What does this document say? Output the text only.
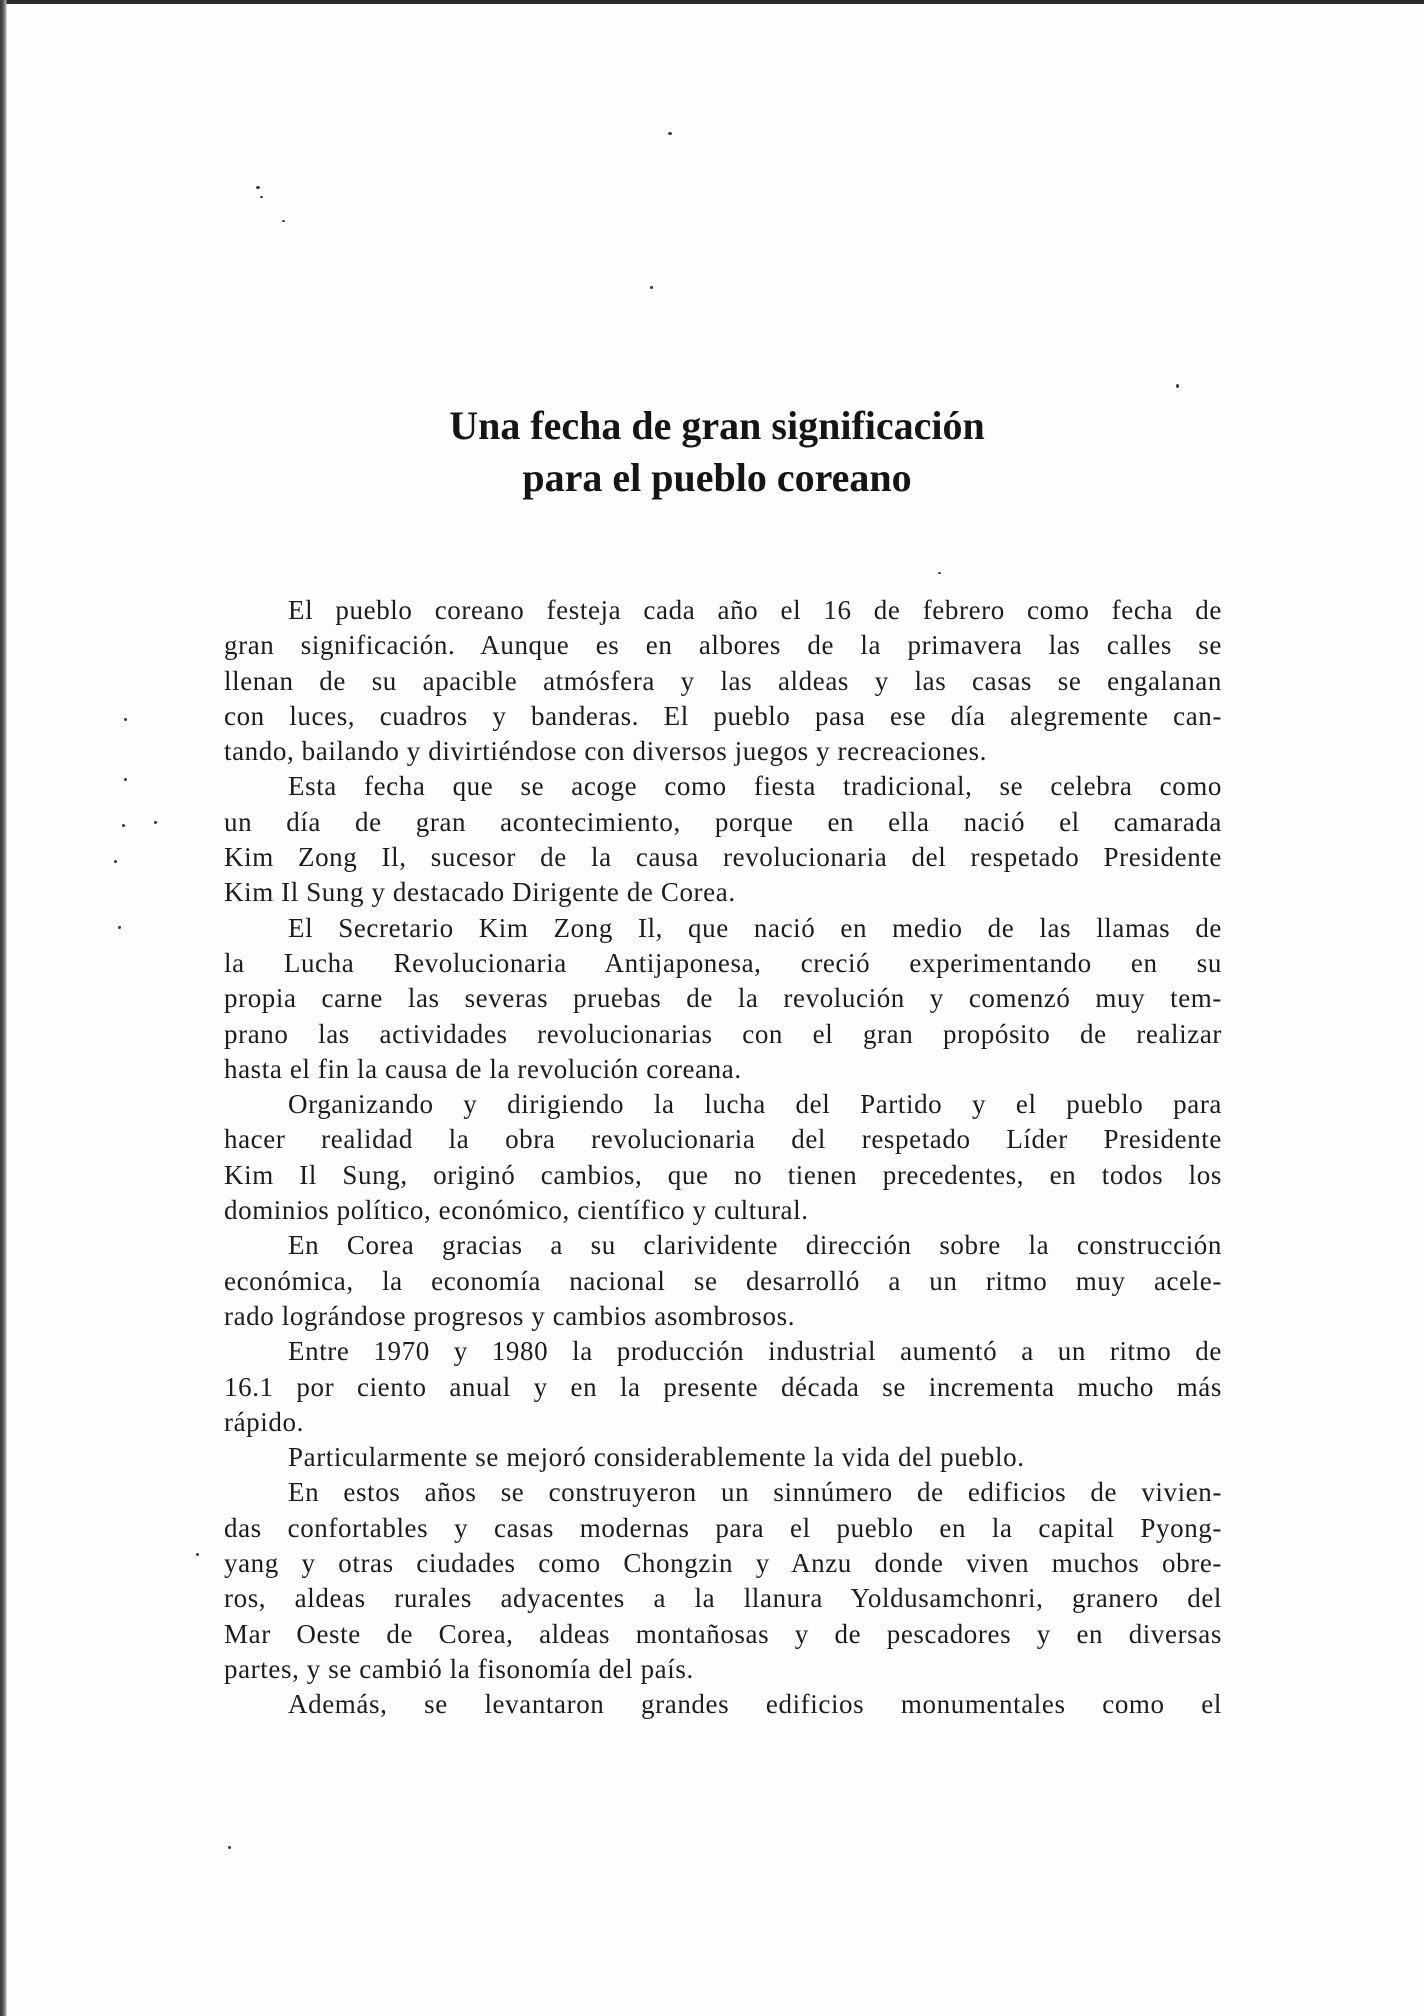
Una fecha de gran significación
para el pueblo coreano
El pueblo coreano festeja cada año el 16 de febrero como fecha de
gran significación. Aunque es en albores de la primavera las calles se
llenan de su apacible atmósfera y las aldeas y las casas se engalanan
con luces, cuadros y banderas. El pueblo pasa ese día alegremente can-
tando, bailando y divirtiéndose con diversos juegos y recreaciones.
Esta fecha que se acoge como fiesta tradicional, se celebra como
un día de gran acontecimiento, porque en ella nació el camarada
Kim Zong Il, sucesor de la causa revolucionaria del respetado Presidente
Kim Il Sung y destacado Dirigente de Corea.
El Secretario Kim Zong Il, que nació en medio de las llamas de
la Lucha Revolucionaria Antijaponesa, creció experimentando en su
propia carne las severas pruebas de la revolución y comenzó muy tem-
prano las actividades revolucionarias con el gran propósito de realizar
hasta el fin la causa de la revolución coreana.
Organizando y dirigiendo la lucha del Partido y el pueblo para
hacer realidad la obra revolucionaria del respetado Líder Presidente
Kim Il Sung, originó cambios, que no tienen precedentes, en todos los
dominios político, económico, científico y cultural.
En Corea gracias a su clarividente dirección sobre la construcción
económica, la economía nacional se desarrolló a un ritmo muy acele-
rado lográndose progresos y cambios asombrosos.
Entre 1970 y 1980 la producción industrial aumentó a un ritmo de
16.1 por ciento anual y en la presente década se incrementa mucho más
rápido.
Particularmente se mejoró considerablemente la vida del pueblo.
En estos años se construyeron un sinnúmero de edificios de vivien-
das confortables y casas modernas para el pueblo en la capital Pyong-
yang y otras ciudades como Chongzin y Anzu donde viven muchos obre-
ros, aldeas rurales adyacentes a la llanura Yoldusamchonri, granero del
Mar Oeste de Corea, aldeas montañosas y de pescadores y en diversas
partes, y se cambió la fisonomía del país.
Además, se levantaron grandes edificios monumentales como el
